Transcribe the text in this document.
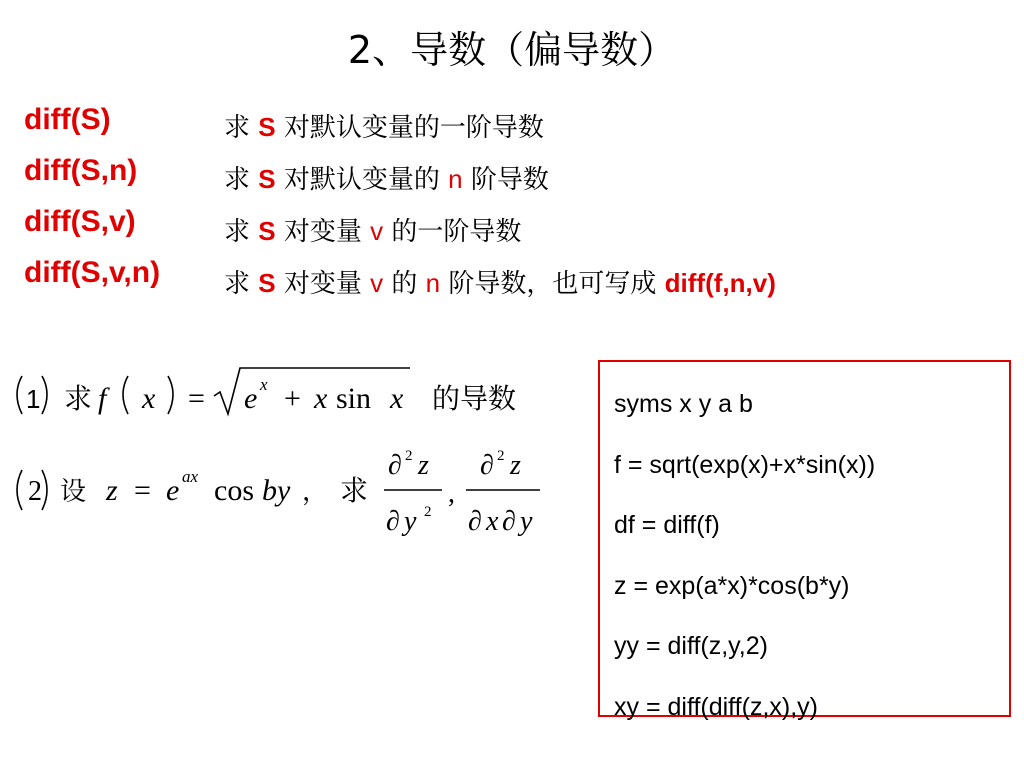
2、导数（偏导数）
diff(S)
diff(S,n)
diff(S,v)
diff(S,v,n)
求 S 对默认变量的一阶导数
求 S 对默认变量的 n 阶导数
求 S 对变量 v 的一阶导数
求 S 对变量 v 的 n 阶导数，也可写成 diff(f,n,v)
1 求 f x = e x + x sin x 的导数
2 设 z = e ax cos by ， 求
∂ 2 z
∂ y 2
,
∂ 2 z
∂ x ∂ y
syms x y a b
f = sqrt(exp(x)+x*sin(x))
df = diff(f)
z = exp(a*x)*cos(b*y)
yy = diff(z,y,2)
xy = diff(diff(z,x),y)
